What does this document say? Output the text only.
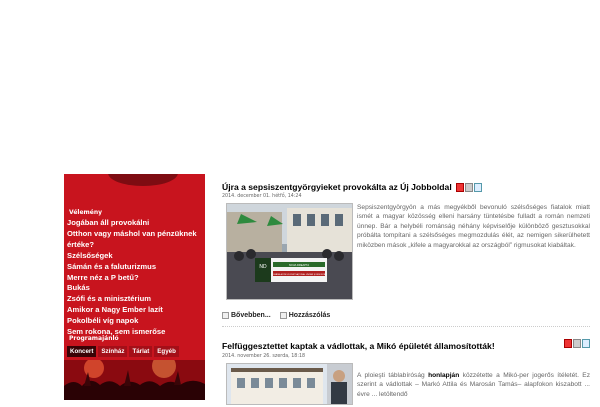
Vélemény
Jogában áll provokálni
Otthon vagy máshol van pénzüknek értéke?
Szélsőségek
Sámán és a faluturizmus
Merre néz a P betű?
Bukás
Zsófi és a minisztérium
Amikor a Nagy Ember lazít
Pokolbéli víg napok
Sem rokona, sem ismerőse
Programajánló
Koncert	Színház	Tárlat	Egyéb
Újra a sepsiszentgyörgyieket provokálta az Új Jobboldal
2014. december 01. hétfő, 14:24
ND	NOUA DREAPTA
ROMÂNIA ESTE UN STAT NAȚIONAL UNITAR ȘI INDIVIZIBIL
Sepsiszentgyörgyön a más megyékből bevonuló szélsőséges fiatalok miatt ismét a magyar közösség elleni harsány tüntetésbe fulladt a román nemzeti ünnep. Bár a helybéli románság néhány képviselője különböző gesztusokkal próbálta tompítani a szélsőséges megmozdulás élét, az nemigen sikerülhetett miközben mások „kifele a magyarokkal az országból” rigmusokat kiabáltak.
Bővebben...	Hozzászólás
Felfüggesztettet kaptak a vádlottak, a Mikó épületét államosították!
2014. november 26. szerda, 18:18
A ploieşti táblabíróság honlapján közzétette a Mikó-per jogerős ítéletét. Ez szerint a vádlottak – Markó Attila és Marosán Tamás– alapfokon kiszabott ... évre ... letöltendő
